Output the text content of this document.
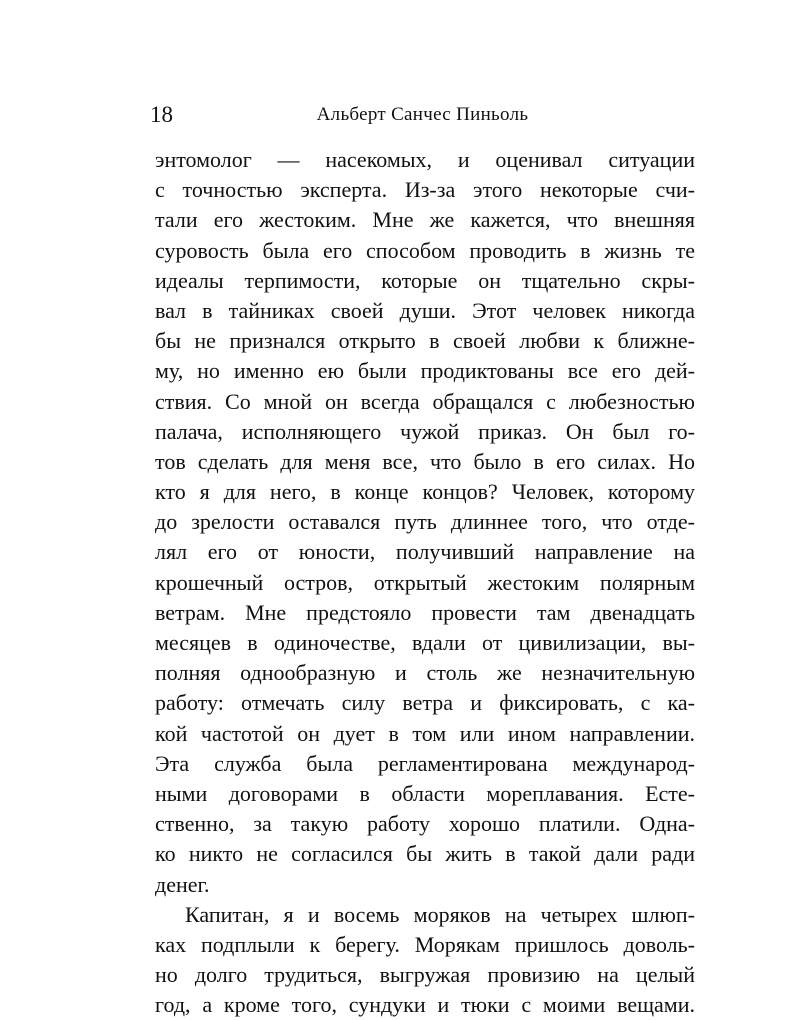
18	Альберт Санчес Пиньоль
энтомолог — насекомых, и оценивал ситуации
с точностью эксперта. Из-за этого некоторые счи-
тали его жестоким. Мне же кажется, что внешняя
суровость была его способом проводить в жизнь те
идеалы терпимости, которые он тщательно скры-
вал в тайниках своей души. Этот человек никогда
бы не признался открыто в своей любви к ближне-
му, но именно ею были продиктованы все его дей-
ствия. Со мной он всегда обращался с любезностью
палача, исполняющего чужой приказ. Он был го-
тов сделать для меня все, что было в его силах. Но
кто я для него, в конце концов? Человек, которому
до зрелости оставался путь длиннее того, что отде-
лял его от юности, получивший направление на
крошечный остров, открытый жестоким полярным
ветрам. Мне предстояло провести там двенадцать
месяцев в одиночестве, вдали от цивилизации, вы-
полняя однообразную и столь же незначительную
работу: отмечать силу ветра и фиксировать, с ка-
кой частотой он дует в том или ином направлении.
Эта служба была регламентирована международ-
ными договорами в области мореплавания. Есте-
ственно, за такую работу хорошо платили. Одна-
ко никто не согласился бы жить в такой дали ради
денег.
Капитан, я и восемь моряков на четырех шлюп-
ках подплыли к берегу. Морякам пришлось доволь-
но долго трудиться, выгружая провизию на целый
год, а кроме того, сундуки и тюки с моими вещами.
